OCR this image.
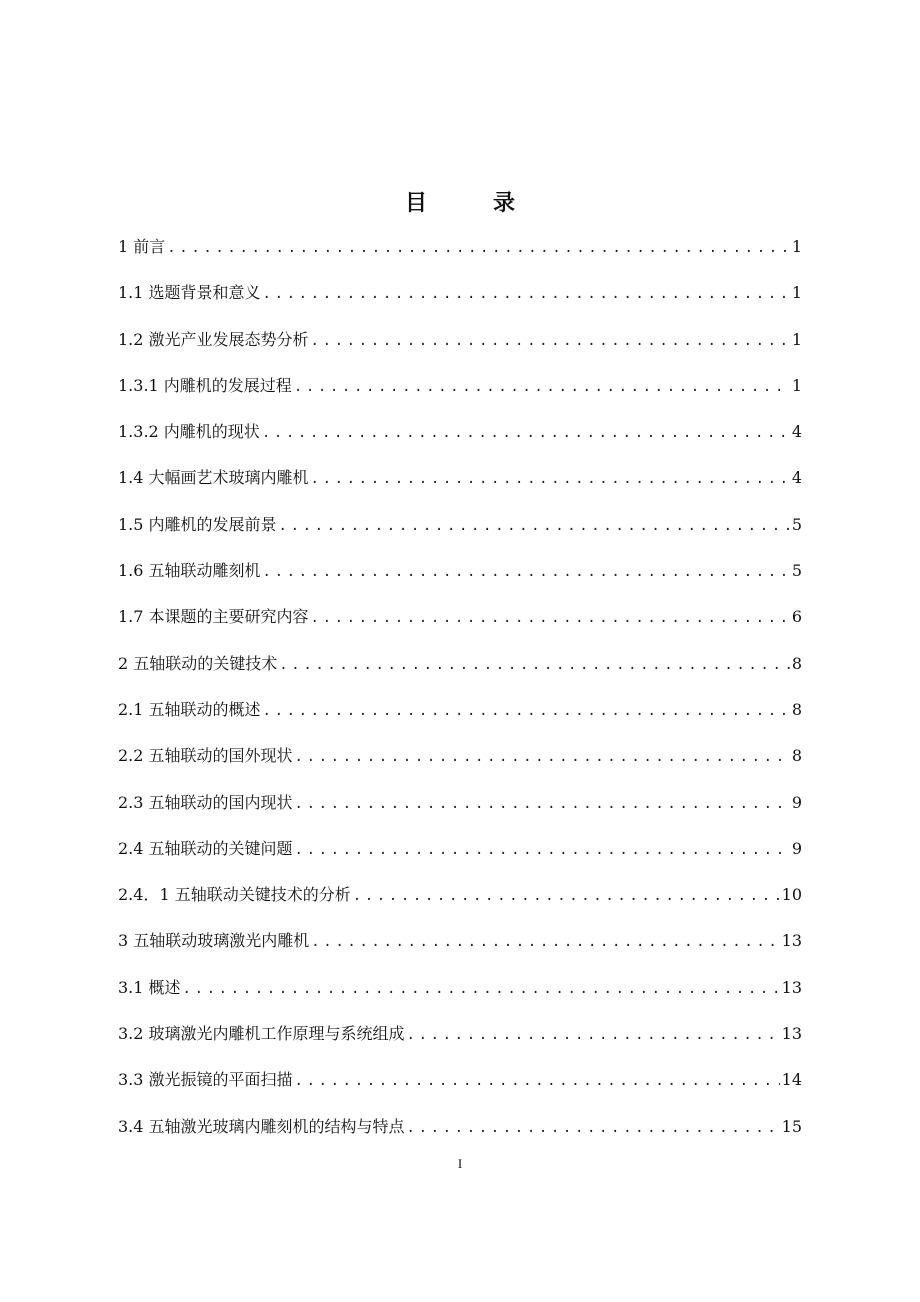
目　录
1 前言 .....	1
1.1 选题背景和意义 .....	1
1.2 激光产业发展态势分析 .....	1
1.3.1 内雕机的发展过程 .....	1
1.3.2 内雕机的现状 .....	4
1.4 大幅画艺术玻璃内雕机 .....	4
1.5 内雕机的发展前景 .....	5
1.6 五轴联动雕刻机 .....	5
1.7 本课题的主要研究内容 .....	6
2 五轴联动的关键技术 .....	8
2.1 五轴联动的概述 .....	8
2.2 五轴联动的国外现状 .....	8
2.3 五轴联动的国内现状 .....	9
2.4 五轴联动的关键问题 .....	9
2.4．1 五轴联动关键技术的分析 .....	10
3 五轴联动玻璃激光内雕机 .....	13
3.1 概述 .....	13
3.2 玻璃激光内雕机工作原理与系统组成 .....	13
3.3 激光振镜的平面扫描 .....	14
3.4 五轴激光玻璃内雕刻机的结构与特点 .....	15
I
